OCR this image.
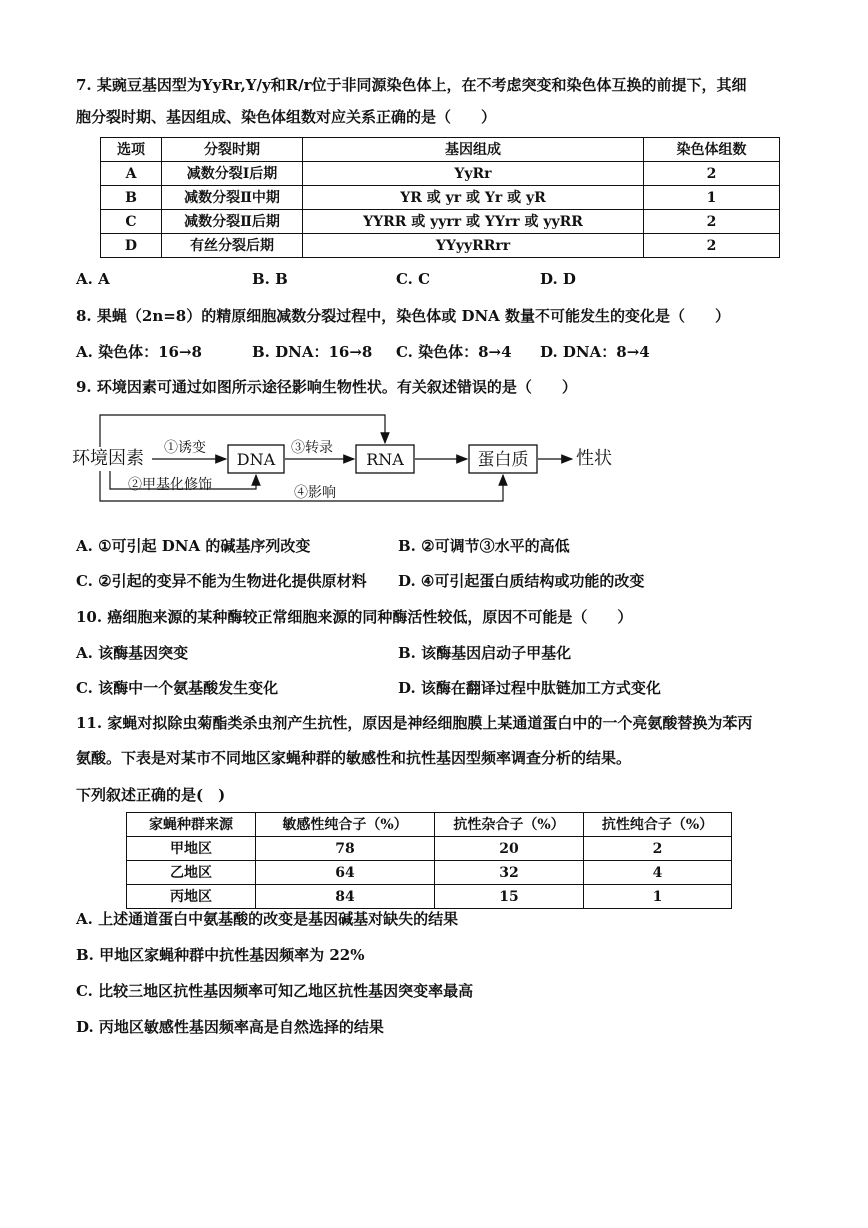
7. 某豌豆基因型为YyRr,Y/y和R/r位于非同源染色体上，在不考虑突变和染色体互换的前提下，其细
胞分裂时期、基因组成、染色体组数对应关系正确的是（　　）
选项	分裂时期	基因组成	染色体组数
A	减数分裂Ⅰ后期	YyRr	2
B	减数分裂Ⅱ中期	YR 或 yr 或 Yr 或 yR	1
C	减数分裂Ⅱ后期	YYRR 或 yyrr 或 YYrr 或 yyRR	2
D	有丝分裂后期	YYyyRRrr	2
A. A	B. B	C. C	D. D
8. 果蝇（2n=8）的精原细胞减数分裂过程中，染色体或 DNA 数量不可能发生的变化是（　　）
A. 染色体：16→8	B. DNA：16→8 C. 染色体：8→4 D. DNA：8→4
9. 环境因素可通过如图所示途径影响生物性状。有关叙述错误的是（　　）
环境因素	DNA	RNA	蛋白质	性状
①诱变	③转录
②甲基化修饰	④影响
A. ①可引起 DNA 的碱基序列改变	B. ②可调节③水平的高低
C. ②引起的变异不能为生物进化提供原材料 D. ④可引起蛋白质结构或功能的改变
10. 癌细胞来源的某种酶较正常细胞来源的同种酶活性较低，原因不可能是（　　）
A. 该酶基因突变	B. 该酶基因启动子甲基化
C. 该酶中一个氨基酸发生变化	D. 该酶在翻译过程中肽链加工方式变化
11. 家蝇对拟除虫菊酯类杀虫剂产生抗性，原因是神经细胞膜上某通道蛋白中的一个亮氨酸替换为苯丙
氨酸。下表是对某市不同地区家蝇种群的敏感性和抗性基因型频率调查分析的结果。
下列叙述正确的是(　)
家蝇种群来源	敏感性纯合子（%）	抗性杂合子（%）	抗性纯合子（%）
甲地区	78	20	2
乙地区	64	32	4
丙地区	84	15	1
A. 上述通道蛋白中氨基酸的改变是基因碱基对缺失的结果
B. 甲地区家蝇种群中抗性基因频率为 22%
C. 比较三地区抗性基因频率可知乙地区抗性基因突变率最高
D. 丙地区敏感性基因频率高是自然选择的结果
